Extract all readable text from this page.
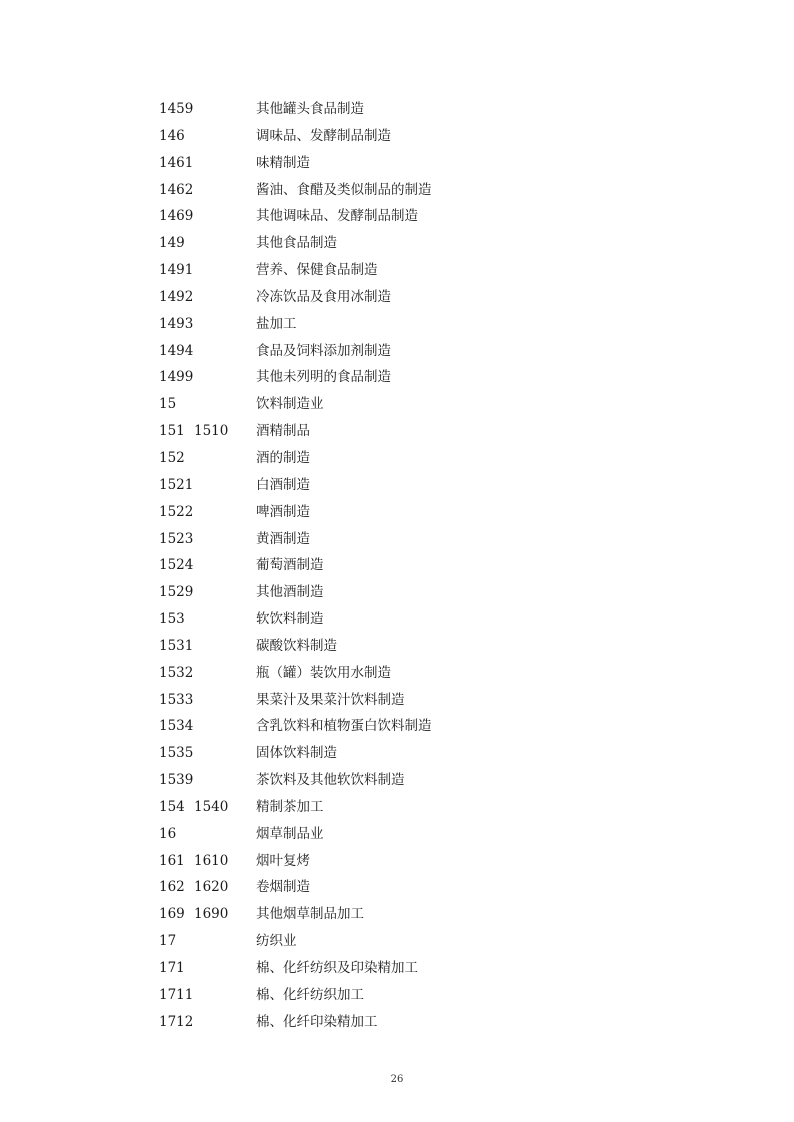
1459	其他罐头食品制造
146	调味品、发酵制品制造
1461	味精制造
1462	酱油、食醋及类似制品的制造
1469	其他调味品、发酵制品制造
149	其他食品制造
1491	营养、保健食品制造
1492	冷冻饮品及食用冰制造
1493	盐加工
1494	食品及饲料添加剂制造
1499	其他未列明的食品制造
15	饮料制造业
151 1510 酒精制品
152	酒的制造
1521	白酒制造
1522	啤酒制造
1523	黄酒制造
1524	葡萄酒制造
1529	其他酒制造
153	软饮料制造
1531	碳酸饮料制造
1532	瓶（罐）装饮用水制造
1533	果菜汁及果菜汁饮料制造
1534	含乳饮料和植物蛋白饮料制造
1535	固体饮料制造
1539	茶饮料及其他软饮料制造
154 1540 精制茶加工
16	烟草制品业
161 1610 烟叶复烤
162 1620 卷烟制造
169 1690 其他烟草制品加工
17	纺织业
171	棉、化纤纺织及印染精加工
1711	棉、化纤纺织加工
1712	棉、化纤印染精加工
26
